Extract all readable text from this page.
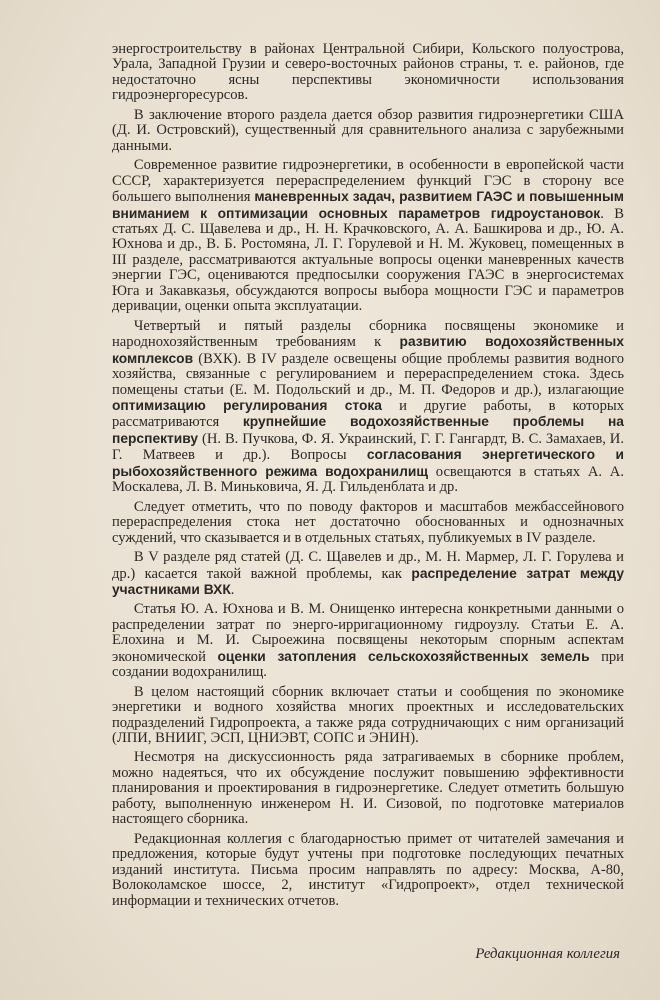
энергостроительству в районах Центральной Сибири, Кольского полуострова, Урала, Западной Грузии и северо-восточных районов страны, т. е. районов, где недостаточно ясны перспективы экономичности использования гидроэнергоресурсов.

В заключение второго раздела дается обзор развития гидроэнергетики США (Д. И. Островский), существенный для сравнительного анализа с зарубежными данными.

Современное развитие гидроэнергетики, в особенности в европейской части СССР, характеризуется перераспределением функций ГЭС в сторону все большего выполнения маневренных задач, развитием ГАЭС и повышенным вниманием к оптимизации основных параметров гидроустановок. В статьях Д. С. Щавелева и др., Н. Н. Крачковского, А. А. Башкирова и др., Ю. А. Юхнова и др., В. Б. Ростомяна, Л. Г. Горулевой и Н. М. Жуковец, помещенных в III разделе, рассматриваются актуальные вопросы оценки маневренных качеств энергии ГЭС, оцениваются предпосылки сооружения ГАЭС в энергосистемах Юга и Закавказья, обсуждаются вопросы выбора мощности ГЭС и параметров деривации, оценки опыта эксплуатации.

Четвертый и пятый разделы сборника посвящены экономике и народнохозяйственным требованиям к развитию водохозяйственных комплексов (ВХК). В IV разделе освещены общие проблемы развития водного хозяйства, связанные с регулированием и перераспределением стока. Здесь помещены статьи (Е. М. Подольский и др., М. П. Федоров и др.), излагающие оптимизацию регулирования стока и другие работы, в которых рассматриваются крупнейшие водохозяйственные проблемы на перспективу (Н. В. Пучкова, Ф. Я. Украинский, Г. Г. Гангардт, В. С. Замахаев, И. Г. Матвеев и др.). Вопросы согласования энергетического и рыбохозяйственного режима водохранилищ освещаются в статьях А. А. Москалева, Л. В. Миньковича, Я. Д. Гильденблата и др.

Следует отметить, что по поводу факторов и масштабов межбассейнового перераспределения стока нет достаточно обоснованных и однозначных суждений, что сказывается и в отдельных статьях, публикуемых в IV разделе.

В V разделе ряд статей (Д. С. Щавелев и др., М. Н. Мармер, Л. Г. Горулева и др.) касается такой важной проблемы, как распределение затрат между участниками ВХК.

Статья Ю. А. Юхнова и В. М. Онищенко интересна конкретными данными о распределении затрат по энерго-ирригационному гидроузлу. Статьи Е. А. Елохина и М. И. Сыроежина посвящены некоторым спорным аспектам экономической оценки затопления сельскохозяйственных земель при создании водохранилищ.

В целом настоящий сборник включает статьи и сообщения по экономике энергетики и водного хозяйства многих проектных и исследовательских подразделений Гидропроекта, а также ряда сотрудничающих с ним организаций (ЛПИ, ВНИИГ, ЭСП, ЦНИЭВТ, СОПС и ЭНИН).

Несмотря на дискуссионность ряда затрагиваемых в сборнике проблем, можно надеяться, что их обсуждение послужит повышению эффективности планирования и проектирования в гидроэнергетике. Следует отметить большую работу, выполненную инженером Н. И. Сизовой, по подготовке материалов настоящего сборника.

Редакционная коллегия с благодарностью примет от читателей замечания и предложения, которые будут учтены при подготовке последующих печатных изданий института. Письма просим направлять по адресу: Москва, А-80, Волоколамское шоссе, 2, институт «Гидропроект», отдел технической информации и технических отчетов.

Редакционная коллегия
